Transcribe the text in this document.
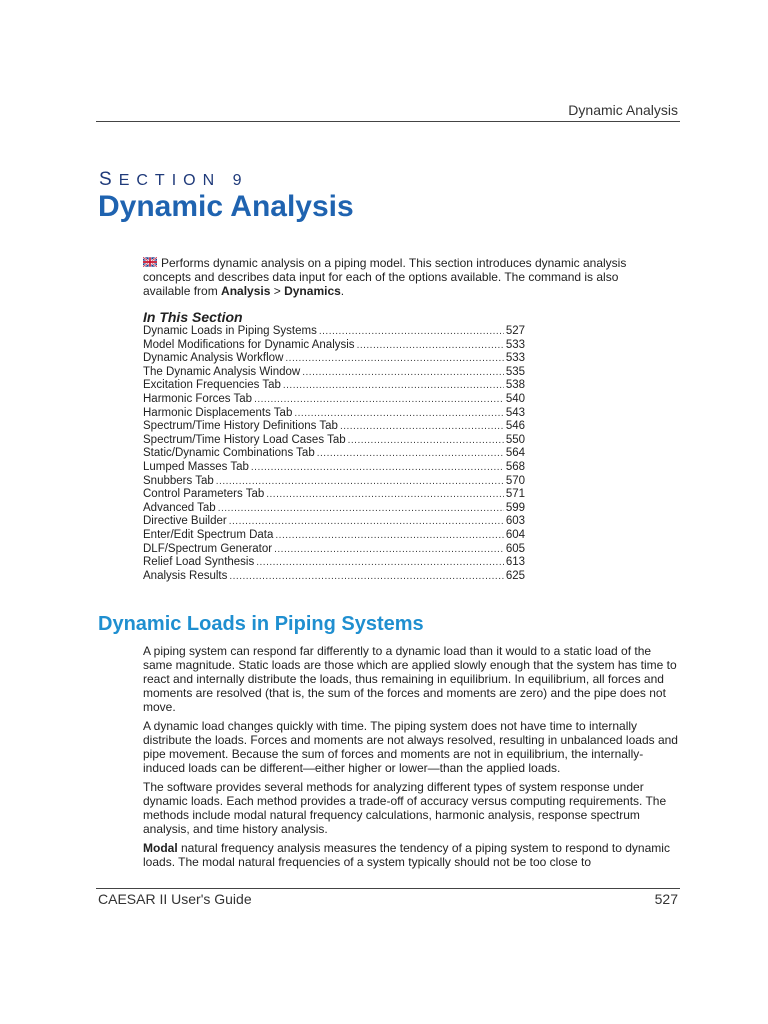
Dynamic Analysis
SECTION 9
Dynamic Analysis

Performs dynamic analysis on a piping model. This section introduces dynamic analysis concepts and describes data input for each of the options available. The command is also available from Analysis > Dynamics.

In This Section
Dynamic Loads in Piping Systems .....	527
Model Modifications for Dynamic Analysis .....	533
Dynamic Analysis Workflow .....	533
The Dynamic Analysis Window .....	535
Excitation Frequencies Tab .....	538
Harmonic Forces Tab .....	540
Harmonic Displacements Tab .....	543
Spectrum/Time History Definitions Tab .....	546
Spectrum/Time History Load Cases Tab .....	550
Static/Dynamic Combinations Tab .....	564
Lumped Masses Tab .....	568
Snubbers Tab .....	570
Control Parameters Tab .....	571
Advanced Tab .....	599
Directive Builder .....	603
Enter/Edit Spectrum Data .....	604
DLF/Spectrum Generator .....	605
Relief Load Synthesis .....	613
Analysis Results .....	625
Dynamic Loads in Piping Systems

A piping system can respond far differently to a dynamic load than it would to a static load of the same magnitude. Static loads are those which are applied slowly enough that the system has time to react and internally distribute the loads, thus remaining in equilibrium. In equilibrium, all forces and moments are resolved (that is, the sum of the forces and moments are zero) and the pipe does not move.

A dynamic load changes quickly with time. The piping system does not have time to internally distribute the loads. Forces and moments are not always resolved, resulting in unbalanced loads and pipe movement. Because the sum of forces and moments are not in equilibrium, the internally-induced loads can be different—either higher or lower—than the applied loads.

The software provides several methods for analyzing different types of system response under dynamic loads. Each method provides a trade-off of accuracy versus computing requirements. The methods include modal natural frequency calculations, harmonic analysis, response spectrum analysis, and time history analysis.

Modal natural frequency analysis measures the tendency of a piping system to respond to dynamic loads. The modal natural frequencies of a system typically should not be too close to

CAESAR II User's Guide	527
